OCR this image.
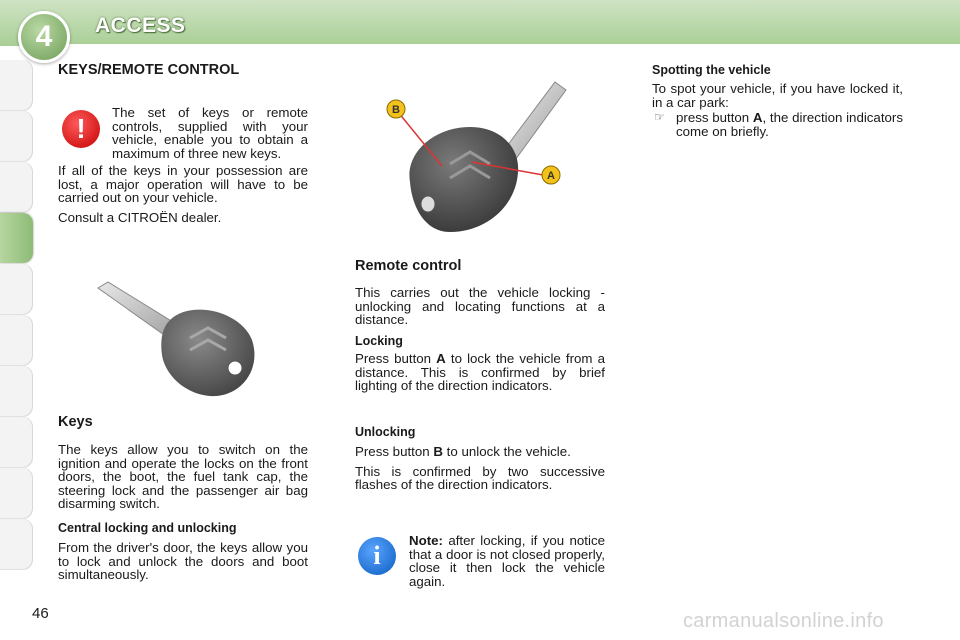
4	ACCESS
KEYS/REMOTE CONTROL
!
The set of keys or remote controls, supplied with your vehicle, enable you to obtain a maximum of three new keys.

If all of the keys in your possession are lost, a major operation will have to be carried out on your vehicle.

Consult a CITROËN dealer.

Keys
The keys allow you to switch on the ignition and operate the locks on the front doors, the boot, the fuel tank cap, the steering lock and the passenger air bag disarming switch.
Central locking and unlocking
From the driver's door, the keys allow you to lock and unlock the doors and boot simultaneously.
B
A
Remote control
This carries out the vehicle locking - unlocking and locating functions at a distance.
Locking
Press button A to lock the vehicle from a distance. This is confirmed by brief lighting of the direction indicators.
Unlocking

Press button B to unlock the vehicle.

This is confirmed by two successive flashes of the direction indicators.

i
Note: after locking, if you notice that a door is not closed properly, close it then lock the vehicle again.
Spotting the vehicle
To spot your vehicle, if you have locked it, in a car park:
☞ press button A, the direction indicators come on briefly.
46	carmanualsonline.info
